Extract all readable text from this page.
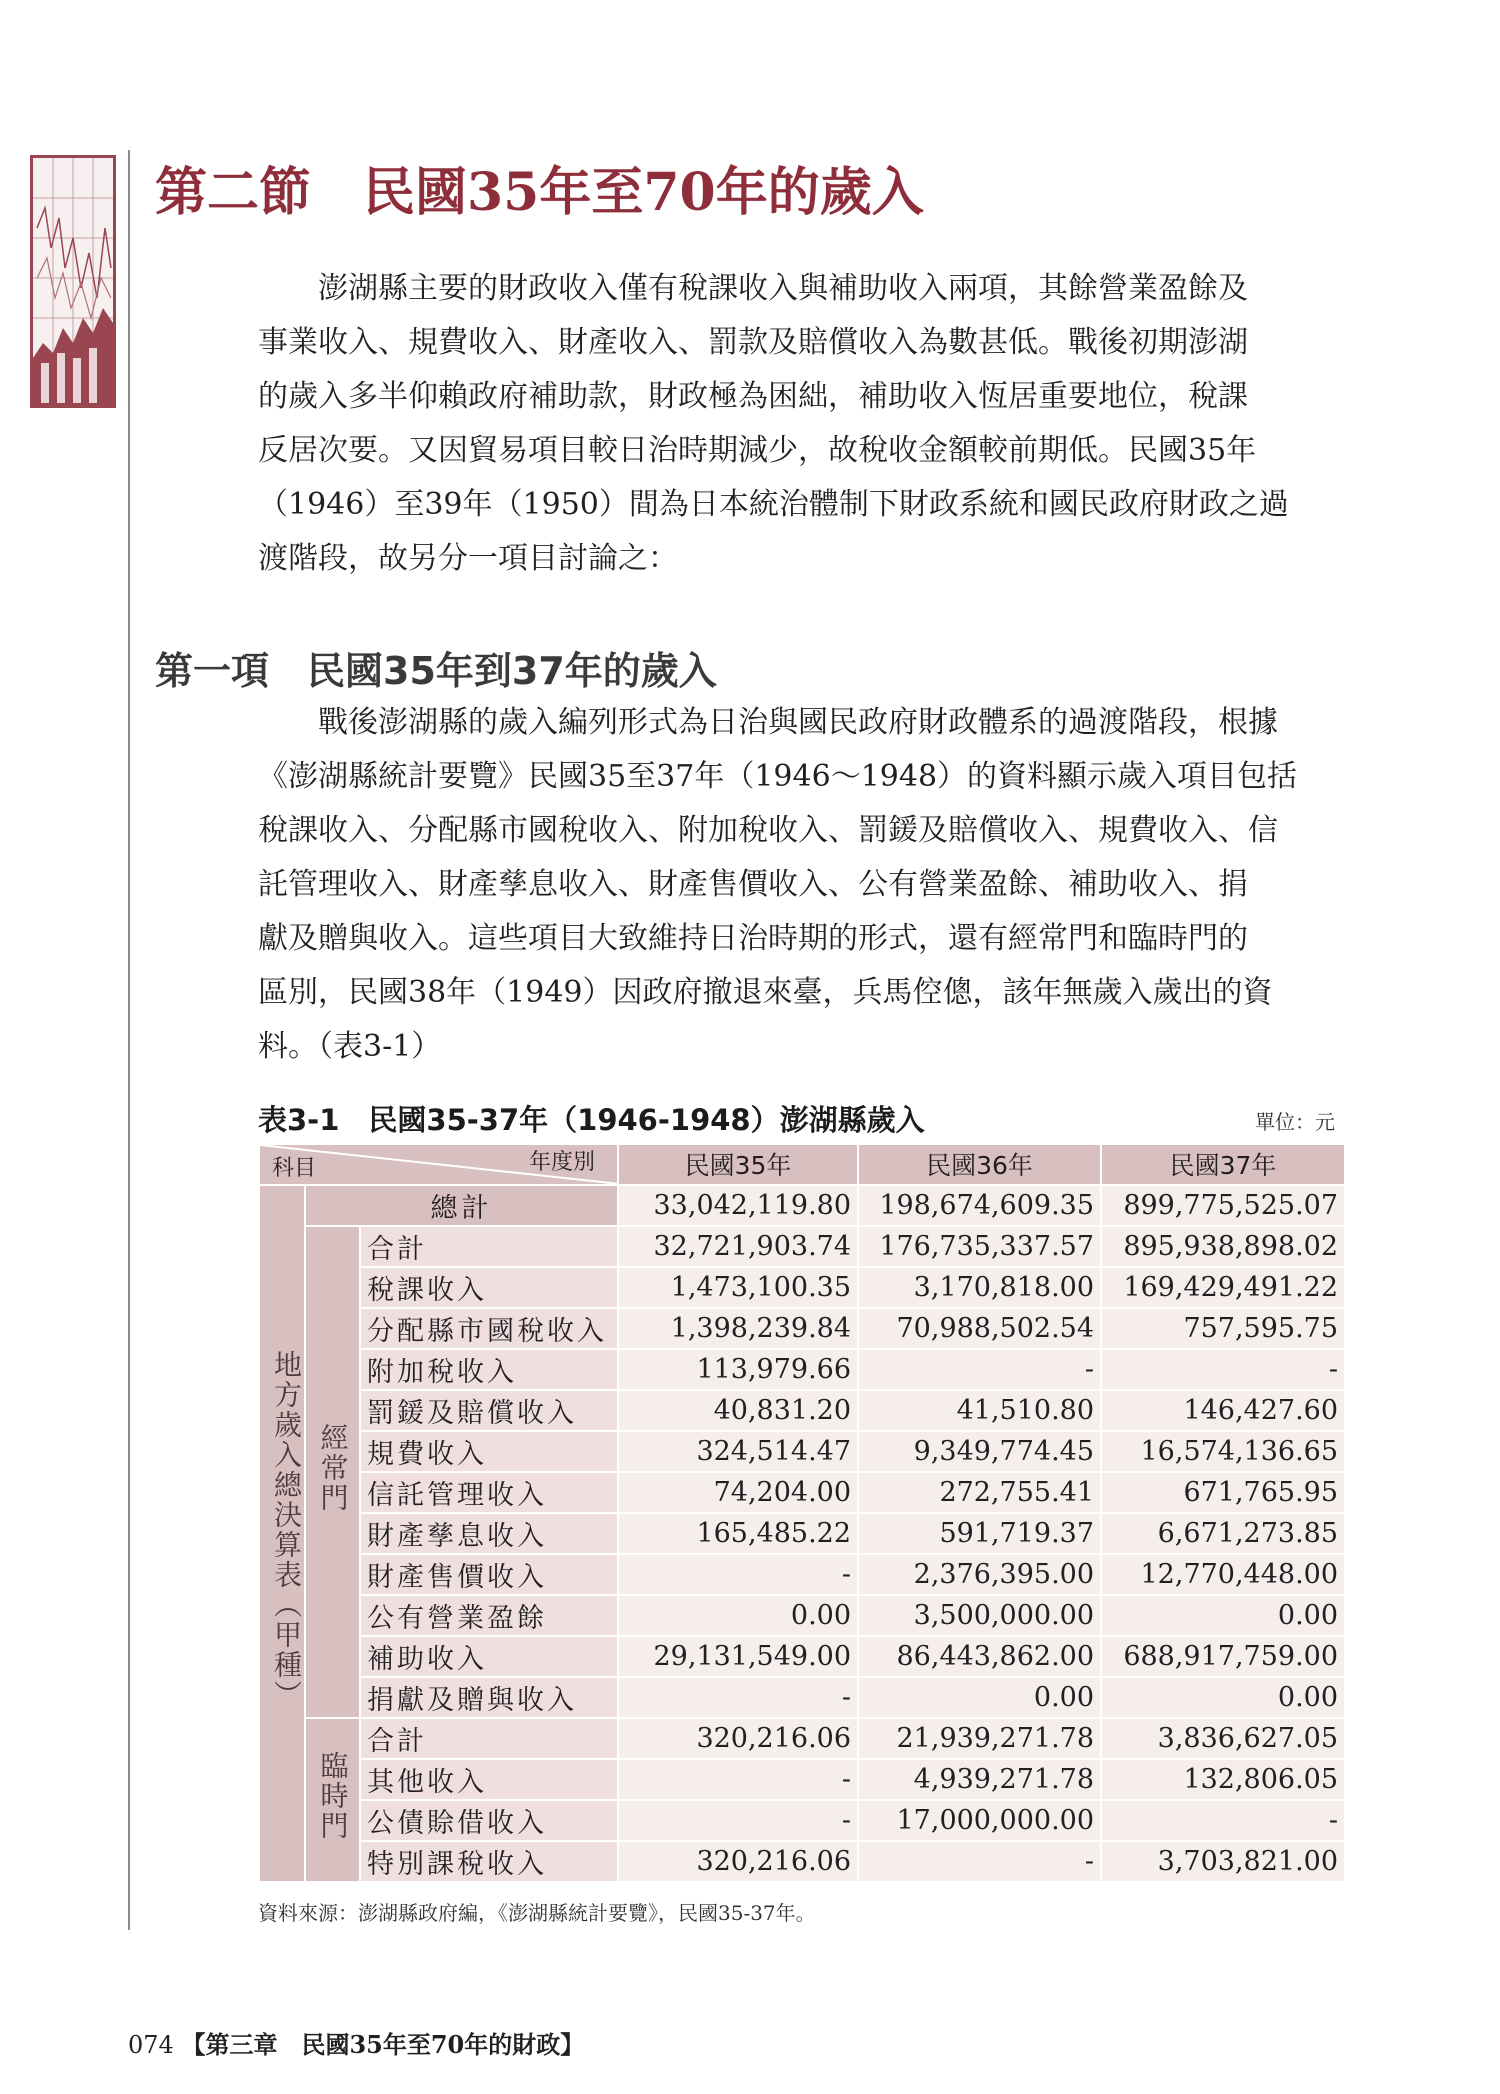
第二節　民國35年至70年的歲入
　　澎湖縣主要的財政收入僅有稅課收入與補助收入兩項，其餘營業盈餘及
事業收入、規費收入、財產收入、罰款及賠償收入為數甚低。戰後初期澎湖
的歲入多半仰賴政府補助款，財政極為困絀，補助收入恆居重要地位，稅課
反居次要。又因貿易項目較日治時期減少，故稅收金額較前期低。民國35年
（1946）至39年（1950）間為日本統治體制下財政系統和國民政府財政之過
渡階段，故另分一項目討論之：
第一項　民國35年到37年的歲入
　　戰後澎湖縣的歲入編列形式為日治與國民政府財政體系的過渡階段，根據
《澎湖縣統計要覽》民國35至37年（1946～1948）的資料顯示歲入項目包括
稅課收入、分配縣市國稅收入、附加稅收入、罰鍰及賠償收入、規費收入、信
託管理收入、財產孳息收入、財產售價收入、公有營業盈餘、補助收入、捐
獻及贈與收入。這些項目大致維持日治時期的形式，還有經常門和臨時門的
區別，民國38年（1949）因政府撤退來臺，兵馬倥傯，該年無歲入歲出的資
料。（表3-1）
表3-1　民國35-37年（1946-1948）澎湖縣歲入	單位：元
科目 年度別			民國35年	民國36年	民國37年
地方歲入總決算表（甲種）	總計		33,042,119.80	198,674,609.35	899,775,525.07
	經常門	合計	32,721,903.74	176,735,337.57	895,938,898.02
		稅課收入	1,473,100.35	3,170,818.00	169,429,491.22
		分配縣市國稅收入	1,398,239.84	70,988,502.54	757,595.75
		附加稅收入	113,979.66	-	-
		罰鍰及賠償收入	40,831.20	41,510.80	146,427.60
		規費收入	324,514.47	9,349,774.45	16,574,136.65
		信託管理收入	74,204.00	272,755.41	671,765.95
		財產孳息收入	165,485.22	591,719.37	6,671,273.85
		財產售價收入	-	2,376,395.00	12,770,448.00
		公有營業盈餘	0.00	3,500,000.00	0.00
		補助收入	29,131,549.00	86,443,862.00	688,917,759.00
		捐獻及贈與收入	-	0.00	0.00
	臨時門	合計	320,216.06	21,939,271.78	3,836,627.05
		其他收入	-	4,939,271.78	132,806.05
		公債賒借收入	-	17,000,000.00	-
		特別課稅收入	320,216.06	-	3,703,821.00
資料來源：澎湖縣政府編，《澎湖縣統計要覽》，民國35-37年。
074 【第三章　民國35年至70年的財政】
